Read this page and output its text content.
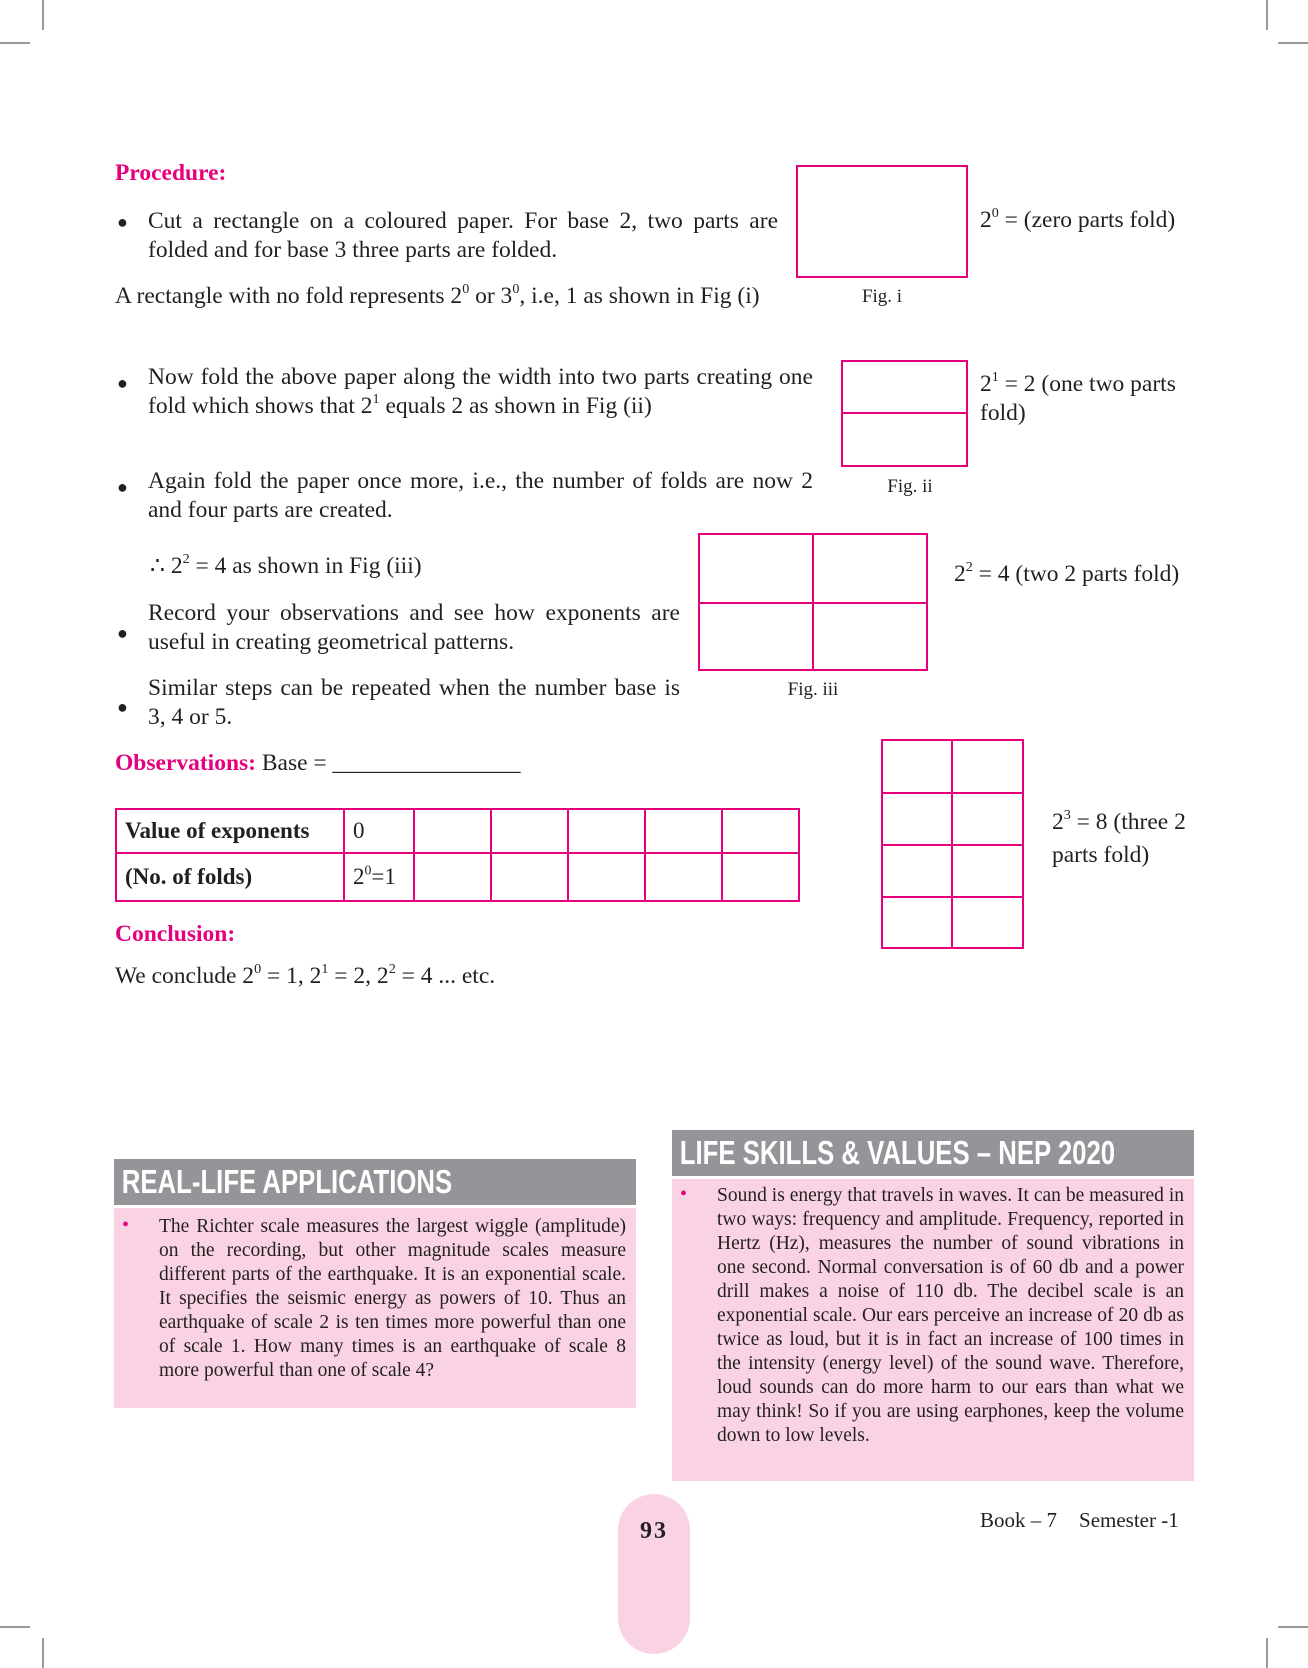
Procedure:
● Cut a rectangle on a coloured paper. For base 2, two parts are folded and for base 3 three parts are folded.
A rectangle with no fold represents $2^0$ or $3^0$, i.e, 1 as shown in Fig (i)
● Now fold the above paper along the width into two parts creating one fold which shows that $2^1$ equals 2 as shown in Fig (ii)
● Again fold the paper once more, i.e., the number of folds are now 2 and four parts are created.
∴ $2^2 = 4$ as shown in Fig (iii)
●
Record your observations and see how exponents are useful in creating geometrical patterns.
●
Similar steps can be repeated when the number base is 3, 4 or 5.
Fig. i
$2^0$ = (zero parts fold)
Fig. ii
$2^1 = 2$ (one two parts fold)
Fig. iii
$2^2 = 4$ (two 2 parts fold)
$2^3 = 8$ (three 2 parts fold)
Observations: Base = ________________
Value of exponents	0					
(No. of folds)	$2^0=1$					
Conclusion:
We conclude $2^0 = 1$, $2^1 = 2$, $2^2 = 4$ ... etc.
REAL-LIFE APPLICATIONS
• The Richter scale measures the largest wiggle (amplitude) on the recording, but other magnitude scales measure different parts of the earthquake. It is an exponential scale. It specifies the seismic energy as powers of 10. Thus an earthquake of scale 2 is ten times more powerful than one of scale 1. How many times is an earthquake of scale 8 more powerful than one of scale 4?
LIFE SKILLS & VALUES – NEP 2020
• Sound is energy that travels in waves. It can be measured in two ways: frequency and amplitude. Frequency, reported in Hertz (Hz), measures the number of sound vibrations in one second. Normal conversation is of 60 db and a power drill makes a noise of 110 db. The decibel scale is an exponential scale. Our ears perceive an increase of 20 db as twice as loud, but it is in fact an increase of 100 times in the intensity (energy level) of the sound wave. Therefore, loud sounds can do more harm to our ears than what we may think! So if you are using earphones, keep the volume down to low levels.
93	Book – 7 Semester -1
